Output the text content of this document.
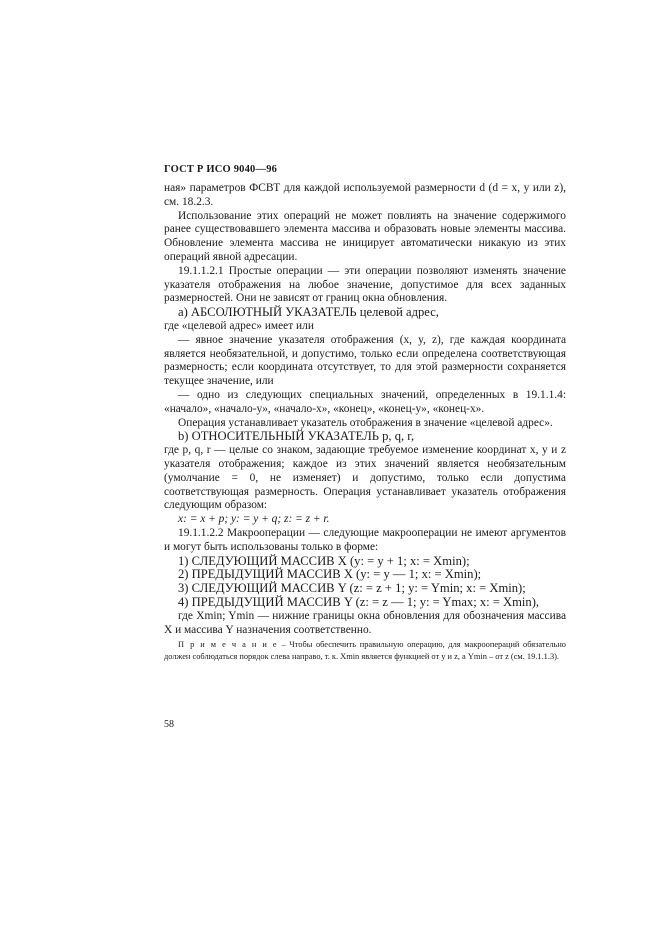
ГОСТ Р ИСО 9040—96

ная» параметров ФСВТ для каждой используемой размерности d (d = x, y или z), см. 18.2.3.

Использование этих операций не может повлиять на значение содержимого ранее существовавшего элемента массива и образовать новые элементы массива. Обновление элемента массива не иницирует автоматически никакую из этих операций явной адресации.

19.1.1.2.1 Простые операции — эти операции позволяют изменять значение указателя отображения на любое значение, допустимое для всех заданных размерностей. Они не зависят от границ окна обновления.

а) АБСОЛЮТНЫЙ УКАЗАТЕЛЬ целевой адрес,

где «целевой адрес» имеет или

— явное значение указателя отображения (x, y, z), где каждая координата является необязательной, и допустимо, только если определена соответствующая размерность; если координата отсутствует, то для этой размерности сохраняется текущее значение, или

— одно из следующих специальных значений, определенных в 19.1.1.4: «начало», «начало-y», «начало-x», «конец», «конец-y», «конец-x».

Операция устанавливает указатель отображения в значение «целевой адрес».

b) ОТНОСИТЕЛЬНЫЙ УКАЗАТЕЛЬ p, q, r,

где p, q, r — целые со знаком, задающие требуемое изменение координат x, y и z указателя отображения; каждое из этих значений является необязательным (умолчание = 0, не изменяет) и допустимо, только если допустима соответствующая размерность. Операция устанавливает указатель отображения следующим образом:

x: = x + p; y: = y + q; z: = z + r.

19.1.1.2.2 Макрооперации — следующие макрооперации не имеют аргументов и могут быть использованы только в форме:

1) СЛЕДУЮЩИЙ МАССИВ X (y: = y + 1; x: = Xmin);

2) ПРЕДЫДУЩИЙ МАССИВ X (y: = y — 1; x: = Xmin);

3) СЛЕДУЮЩИЙ МАССИВ Y (z: = z + 1; y: = Ymin; x: = Xmin);

4) ПРЕДЫДУЩИЙ МАССИВ Y (z: = z — 1; y: = Ymax; x: = Xmin),

где Xmin; Ymin — нижние границы окна обновления для обозначения массива X и массива Y назначения соответственно.

П р и м е ч а н и е – Чтобы обеспечить правильную операцию, для макроопераций обязательно должен соблюдаться порядок слева направо, т. к. Xmin является функцией от y и z, а Ymin – от z (см. 19.1.1.3).

58
